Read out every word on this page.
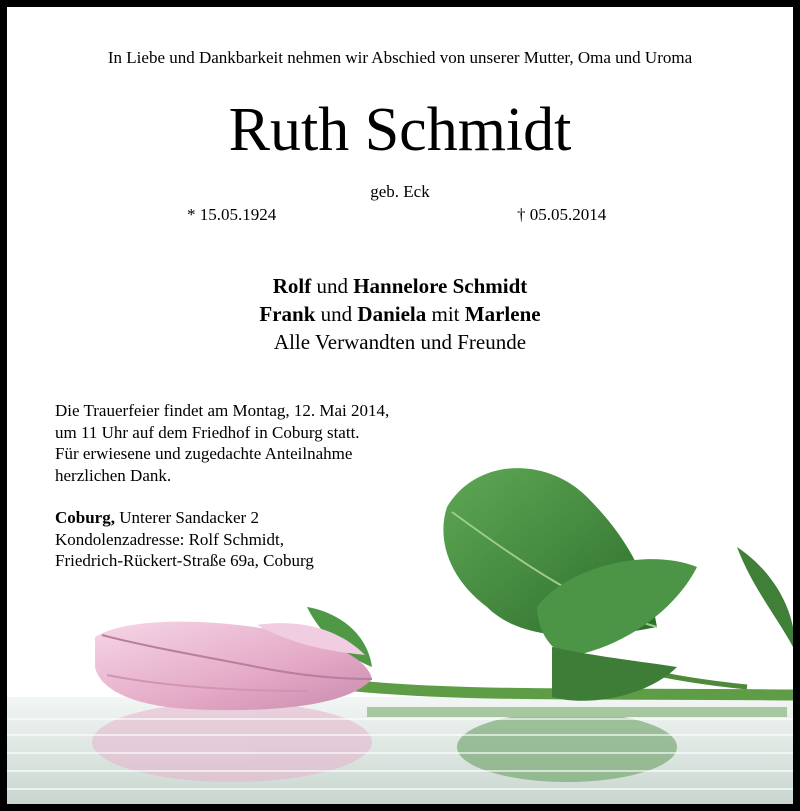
In Liebe und Dankbarkeit nehmen wir Abschied von unserer Mutter, Oma und Uroma
Ruth Schmidt
geb. Eck
* 15.05.1924	† 05.05.2014
Rolf und Hannelore Schmidt
Frank und Daniela mit Marlene
Alle Verwandten und Freunde
Die Trauerfeier findet am Montag, 12. Mai 2014,
um 11 Uhr auf dem Friedhof in Coburg statt.
Für erwiesene und zugedachte Anteilnahme
herzlichen Dank.
Coburg, Unterer Sandacker 2
Kondolenzadresse: Rolf Schmidt,
Friedrich-Rückert-Straße 69a, Coburg
